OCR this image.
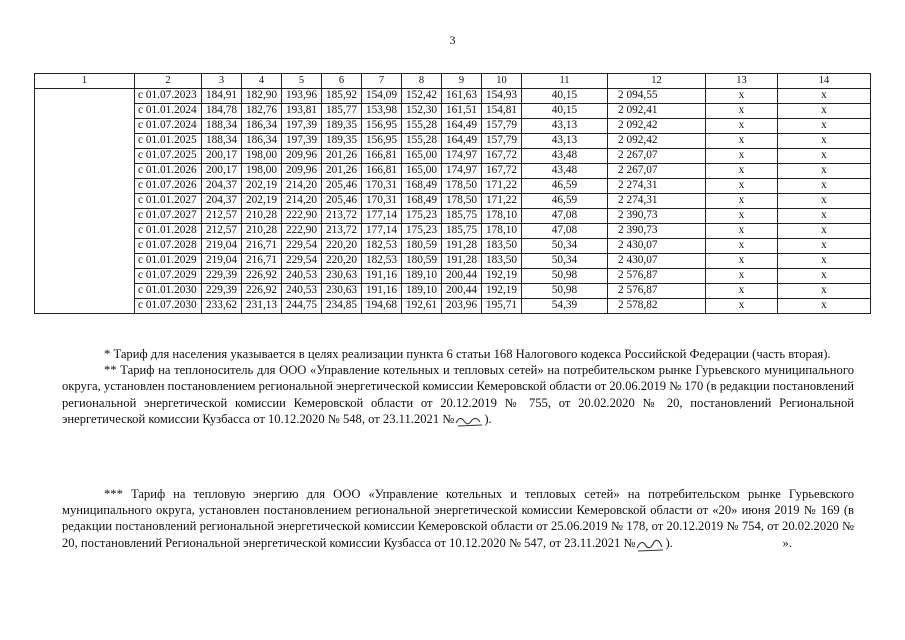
3
1	2	3	4	5	6	7	8	9	10	11	12	13	14
	с 01.07.2023	184,91	182,90	193,96	185,92	154,09	152,42	161,63	154,93	40,15	2 094,55	х	х
	с 01.01.2024	184,78	182,76	193,81	185,77	153,98	152,30	161,51	154,81	40,15	2 092,41	х	х
	с 01.07.2024	188,34	186,34	197,39	189,35	156,95	155,28	164,49	157,79	43,13	2 092,42	х	х
	с 01.01.2025	188,34	186,34	197,39	189,35	156,95	155,28	164,49	157,79	43,13	2 092,42	х	х
	с 01.07.2025	200,17	198,00	209,96	201,26	166,81	165,00	174,97	167,72	43,48	2 267,07	х	х
	с 01.01.2026	200,17	198,00	209,96	201,26	166,81	165,00	174,97	167,72	43,48	2 267,07	х	х
	с 01.07.2026	204,37	202,19	214,20	205,46	170,31	168,49	178,50	171,22	46,59	2 274,31	х	х
	с 01.01.2027	204,37	202,19	214,20	205,46	170,31	168,49	178,50	171,22	46,59	2 274,31	х	х
	с 01.07.2027	212,57	210,28	222,90	213,72	177,14	175,23	185,75	178,10	47,08	2 390,73	х	х
	с 01.01.2028	212,57	210,28	222,90	213,72	177,14	175,23	185,75	178,10	47,08	2 390,73	х	х
	с 01.07.2028	219,04	216,71	229,54	220,20	182,53	180,59	191,28	183,50	50,34	2 430,07	х	х
	с 01.01.2029	219,04	216,71	229,54	220,20	182,53	180,59	191,28	183,50	50,34	2 430,07	х	х
	с 01.07.2029	229,39	226,92	240,53	230,63	191,16	189,10	200,44	192,19	50,98	2 576,87	х	х
	с 01.01.2030	229,39	226,92	240,53	230,63	191,16	189,10	200,44	192,19	50,98	2 576,87	х	х
	с 01.07.2030	233,62	231,13	244,75	234,85	194,68	192,61	203,96	195,71	54,39	2 578,82	х	х

* Тариф для населения указывается в целях реализации пункта 6 статьи 168 Налогового кодекса Российской Федерации (часть вторая).

** Тариф на теплоноситель для ООО «Управление котельных и тепловых сетей» на потребительском рынке Гурьевского муниципального округа, установлен постановлением региональной энергетической комиссии Кемеровской области от 20.06.2019 № 170 (в редакции постановлений региональной энергетической комиссии Кемеровской области от 20.12.2019 № 755, от 20.02.2020 № 20, постановлений Региональной энергетической комиссии Кузбасса от 10.12.2020 № 548, от 23.11.2021 № ).

*** Тариф на тепловую энергию для ООО «Управление котельных и тепловых сетей» на потребительском рынке Гурьевского муниципального округа, установлен постановлением региональной энергетической комиссии Кемеровской области от «20» июня 2019 № 169 (в редакции постановлений региональной энергетической комиссии Кемеровской области от 25.06.2019 № 178, от 20.12.2019 № 754, от 20.02.2020 № 20, постановлений Региональной энергетической комиссии Кузбасса от 10.12.2020 № 547, от 23.11.2021 № ).	».
